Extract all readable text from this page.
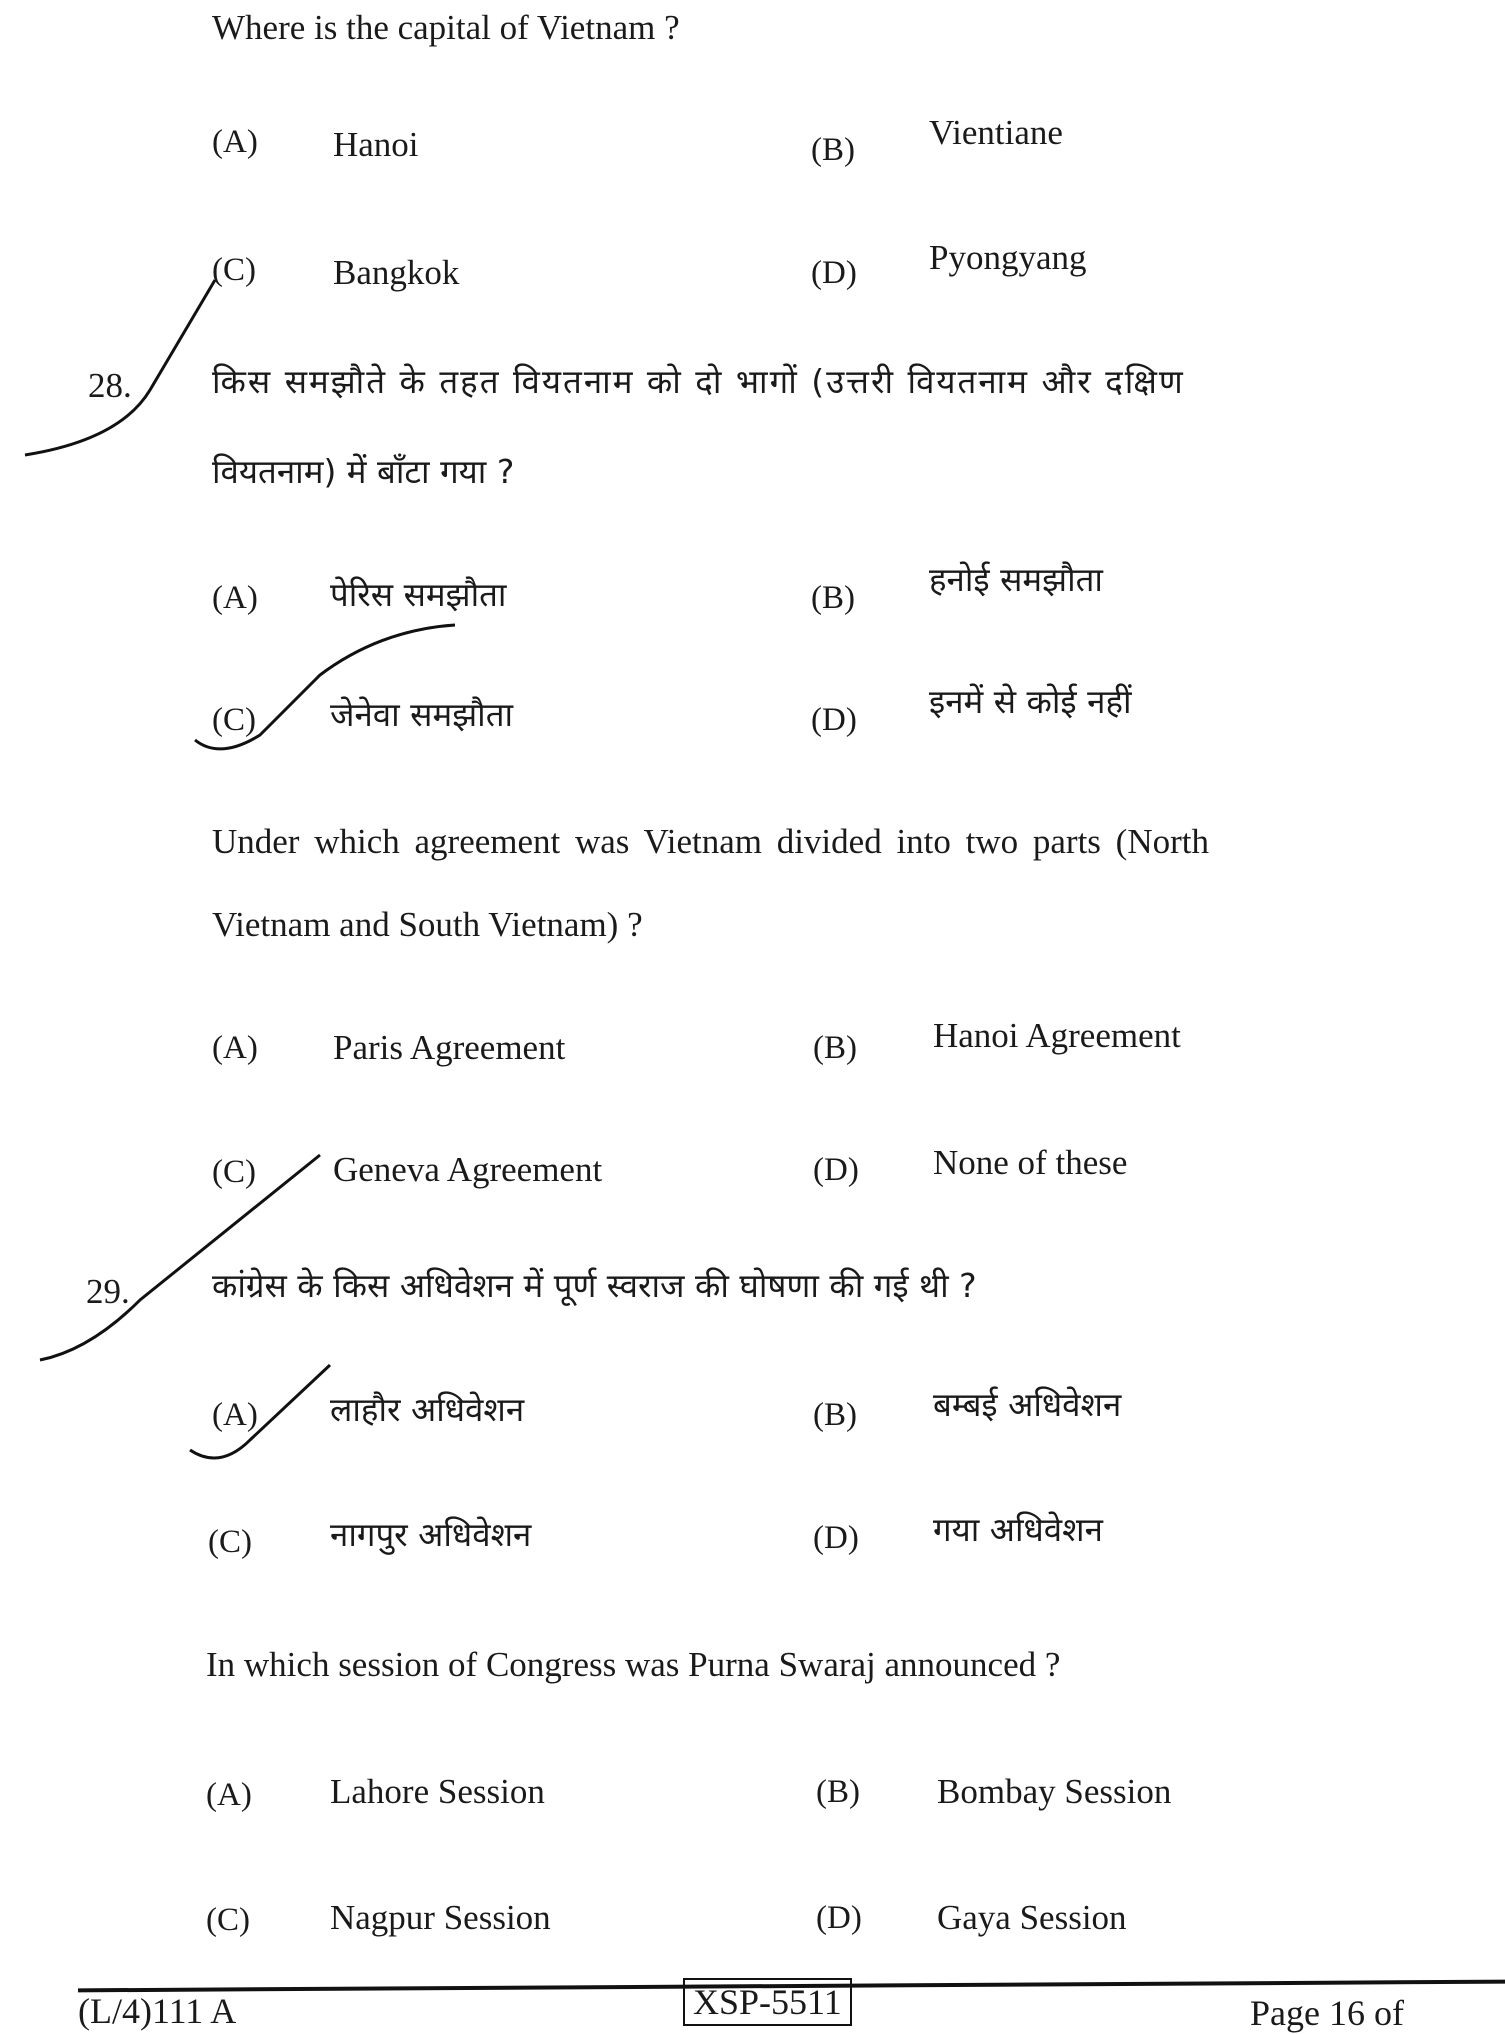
Where is the capital of Vietnam ?
(A) Hanoi	(B) Vientiane
(C) Bangkok	(D) Pyongyang
28. किस समझौते के तहत वियतनाम को दो भागों (उत्तरी वियतनाम और दक्षिण
वियतनाम) में बाँटा गया ?
(A) पेरिस समझौता	(B) हनोई समझौता
(C) जेनेवा समझौता	(D) इनमें से कोई नहीं
Under which agreement was Vietnam divided into two parts (North
Vietnam and South Vietnam) ?
(A) Paris Agreement	(B) Hanoi Agreement
(C) Geneva Agreement	(D) None of these
29. कांग्रेस के किस अधिवेशन में पूर्ण स्वराज की घोषणा की गई थी ?
(A) लाहौर अधिवेशन	(B) बम्बई अधिवेशन
(C) नागपुर अधिवेशन	(D) गया अधिवेशन
In which session of Congress was Purna Swaraj announced ?
(A) Lahore Session	(B) Bombay Session
(C) Nagpur Session	(D) Gaya Session
(L/4)111 A	XSP-5511	Page 16 of
